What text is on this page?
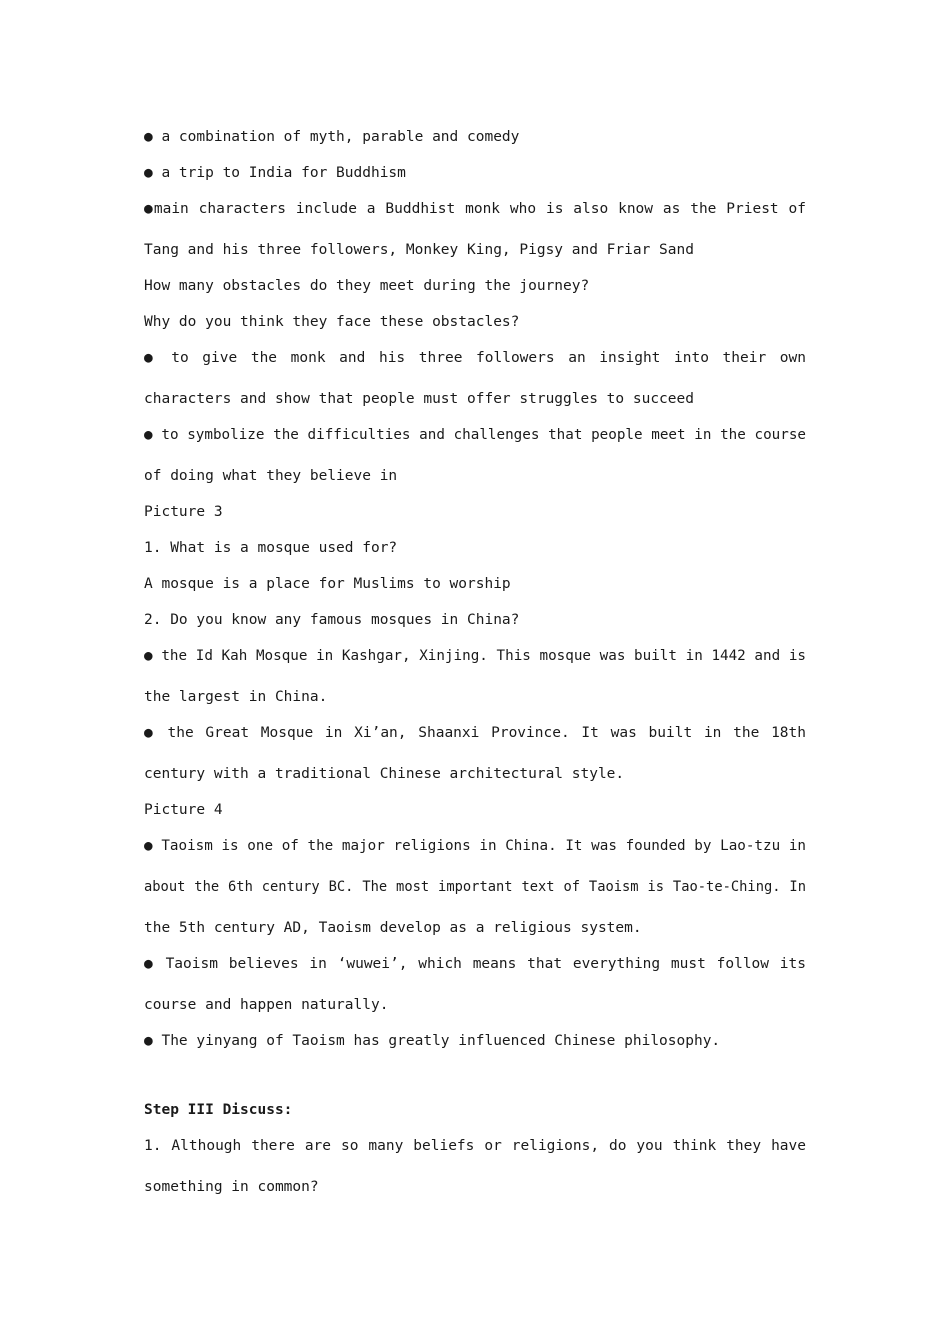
● a combination of myth, parable and comedy
● a trip to India for Buddhism
●main characters include a Buddhist monk who is also know as the Priest of
Tang and his three followers, Monkey King, Pigsy and Friar Sand
How many obstacles do they meet during the journey?
Why do you think they face these obstacles?
● to give the monk and his three followers an insight into their own
characters and show that people must offer struggles to succeed
● to symbolize the difficulties and challenges that people meet in the course
of doing what they believe in
Picture 3
1. What is a mosque used for?
A mosque is a place for Muslims to worship
2. Do you know any famous mosques in China?
● the Id Kah Mosque in Kashgar, Xinjing. This mosque was built in 1442 and is
the largest in China.
● the Great Mosque in Xi’an, Shaanxi Province. It was built in the 18th
century with a traditional Chinese architectural style.
Picture 4
● Taoism is one of the major religions in China. It was founded by Lao-tzu in
about the 6th century BC. The most important text of Taoism is Tao-te-Ching. In
the 5th century AD, Taoism develop as a religious system.
● Taoism believes in ‘wuwei’, which means that everything must follow its
course and happen naturally.
● The yinyang of Taoism has greatly influenced Chinese philosophy.
Step III Discuss:
1. Although there are so many beliefs or religions, do you think they have
something in common?
